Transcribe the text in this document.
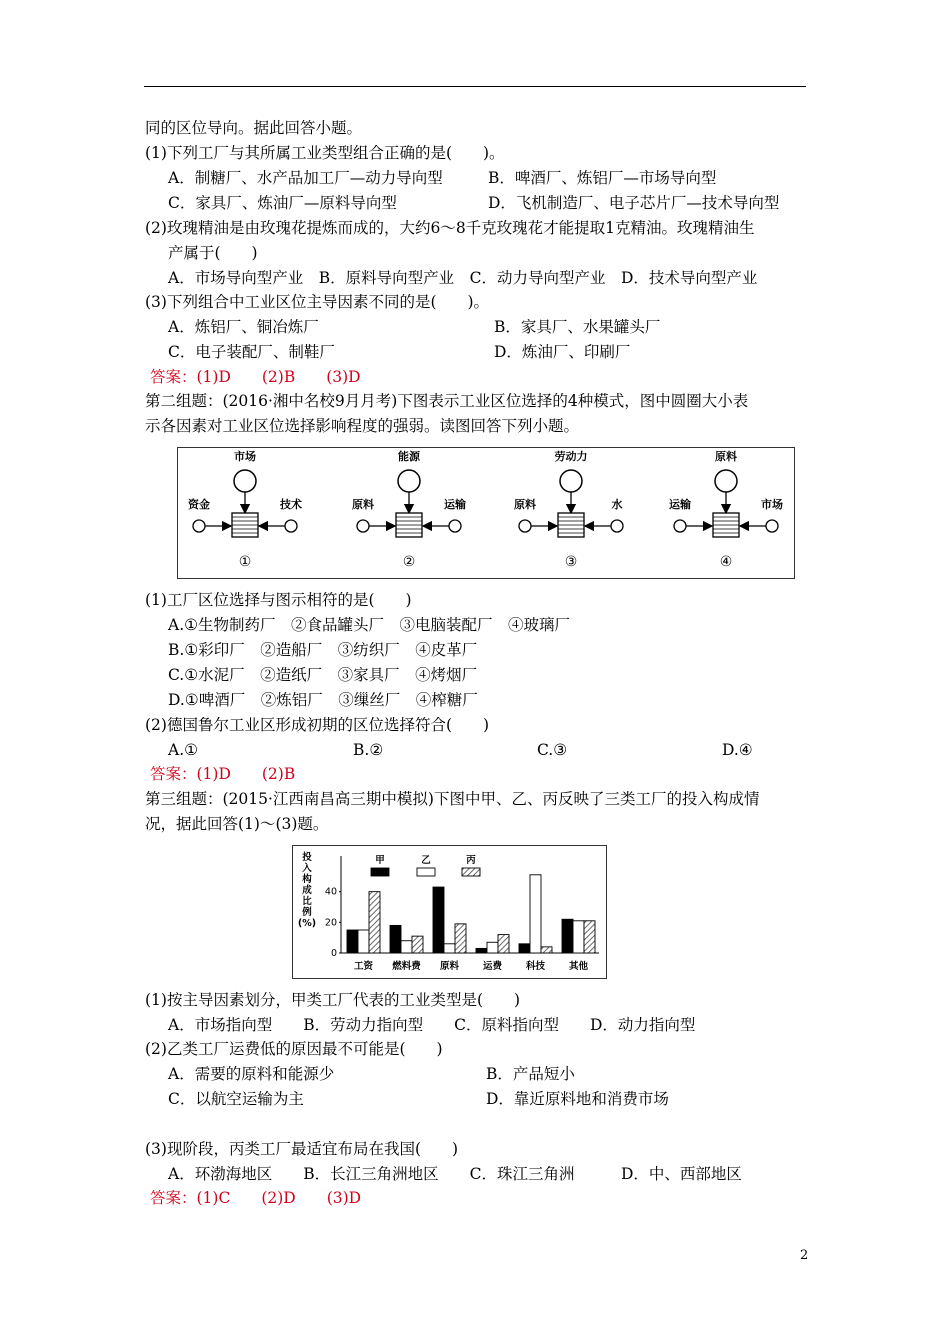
同的区位导向。据此回答小题。
(1)下列工厂与其所属工业类型组合正确的是(　　)。
A．制糖厂、水产品加工厂—动力导向型	B．啤酒厂、炼铝厂—市场导向型
C．家具厂、炼油厂—原料导向型	D．飞机制造厂、电子芯片厂—技术导向型
(2)玫瑰精油是由玫瑰花提炼而成的，大约6～8千克玫瑰花才能提取1克精油。玫瑰精油生
产属于(　　)
A．市场导向型产业　B．原料导向型产业　C．动力导向型产业　D．技术导向型产业
(3)下列组合中工业区位主导因素不同的是(　　)。
A．炼铝厂、铜冶炼厂	B．家具厂、水果罐头厂
C．电子装配厂、制鞋厂	D．炼油厂、印刷厂
答案：(1)D　　(2)B　　(3)D
第二组题：(2016·湘中名校9月月考)下图表示工业区位选择的4种模式，图中圆圈大小表
示各因素对工业区位选择影响程度的强弱。读图回答下列小题。
(1)工厂区位选择与图示相符的是(　　)
A.①生物制药厂　②食品罐头厂　③电脑装配厂　④玻璃厂
B.①彩印厂　②造船厂　③纺织厂　④皮革厂
C.①水泥厂　②造纸厂　③家具厂　④烤烟厂
D.①啤酒厂　②炼铝厂　③缫丝厂　④榨糖厂
(2)德国鲁尔工业区形成初期的区位选择符合(　　)
A.①	B.②	C.③	D.④
答案：(1)D　　(2)B
第三组题：(2015·江西南昌高三期中模拟)下图中甲、乙、丙反映了三类工厂的投入构成情
况，据此回答(1)～(3)题。
(1)按主导因素划分，甲类工厂代表的工业类型是(　　)
A．市场指向型　　B．劳动力指向型　　C．原料指向型　　D．动力指向型
(2)乙类工厂运费低的原因最不可能是(　　)
A．需要的原料和能源少	B．产品短小
C．以航空运输为主	D．靠近原料地和消费市场
(3)现阶段，丙类工厂最适宜布局在我国(　　)
A．环渤海地区　　B．长江三角洲地区　　C．珠江三角洲　　　D．中、西部地区
答案：(1)C　　(2)D　　(3)D
市场
资金	技术
①
能源
原料	运输
②
劳动力
原料	水
③
原料
运输	市场
④
投
入
构
成
比
例
(%)
0
20
40
工资 燃料费 原料	运费	科技	其他
甲	乙	丙
2
